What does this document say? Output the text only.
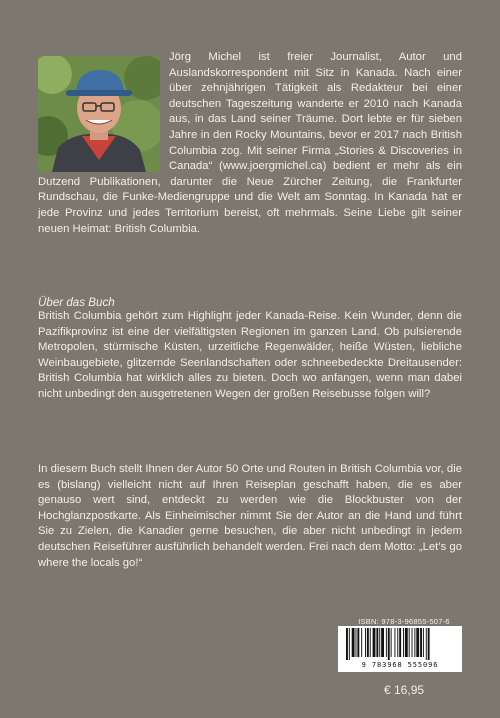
Jörg Michel ist freier Journalist, Autor und Auslandskorrespondent mit Sitz in Kanada. Nach einer über zehnjährigen Tätigkeit als Redakteur bei einer deutschen Tageszeitung wanderte er 2010 nach Kanada aus, in das Land seiner Träume. Dort lebte er für sieben Jahre in den Rocky Mountains, bevor er 2017 nach British Columbia zog. Mit seiner Firma „Stories & Discoveries in Canada“ (www.joergmichel.ca) bedient er mehr als ein Dutzend Publikationen, darunter die Neue Zürcher Zeitung, die Frankfurter Rundschau, die Funke-Mediengruppe und die Welt am Sonntag. In Kanada hat er jede Provinz und jedes Territorium bereist, oft mehrmals. Seine Liebe gilt seiner neuen Heimat: British Columbia.

Über das Buch

British Columbia gehört zum Highlight jeder Kanada-Reise. Kein Wunder, denn die Pazifikprovinz ist eine der vielfältigsten Regionen im ganzen Land. Ob pulsierende Metropolen, stürmische Küsten, urzeitliche Regenwälder, heiße Wüsten, liebliche Weinbaugebiete, glitzernde Seenlandschaften oder schneebedeckte Dreitausender: British Columbia hat wirklich alles zu bieten. Doch wo anfangen, wenn man dabei nicht unbedingt den ausgetretenen Wegen der großen Reisebusse folgen will?

In diesem Buch stellt Ihnen der Autor 50 Orte und Routen in British Columbia vor, die es (bislang) vielleicht nicht auf Ihren Reiseplan geschafft haben, die es aber genauso wert sind, entdeckt zu werden wie die Blockbuster von der Hochglanzpostkarte. Als Einheimischer nimmt Sie der Autor an die Hand und führt Sie zu Zielen, die Kanadier gerne besuchen, die aber nicht unbedingt in jedem deutschen Reiseführer ausführlich behandelt werden. Frei nach dem Motto: „Let’s go where the locals go!“

ISBN: 978-3-96855-507-6
9 783968 555096
€ 16,95
